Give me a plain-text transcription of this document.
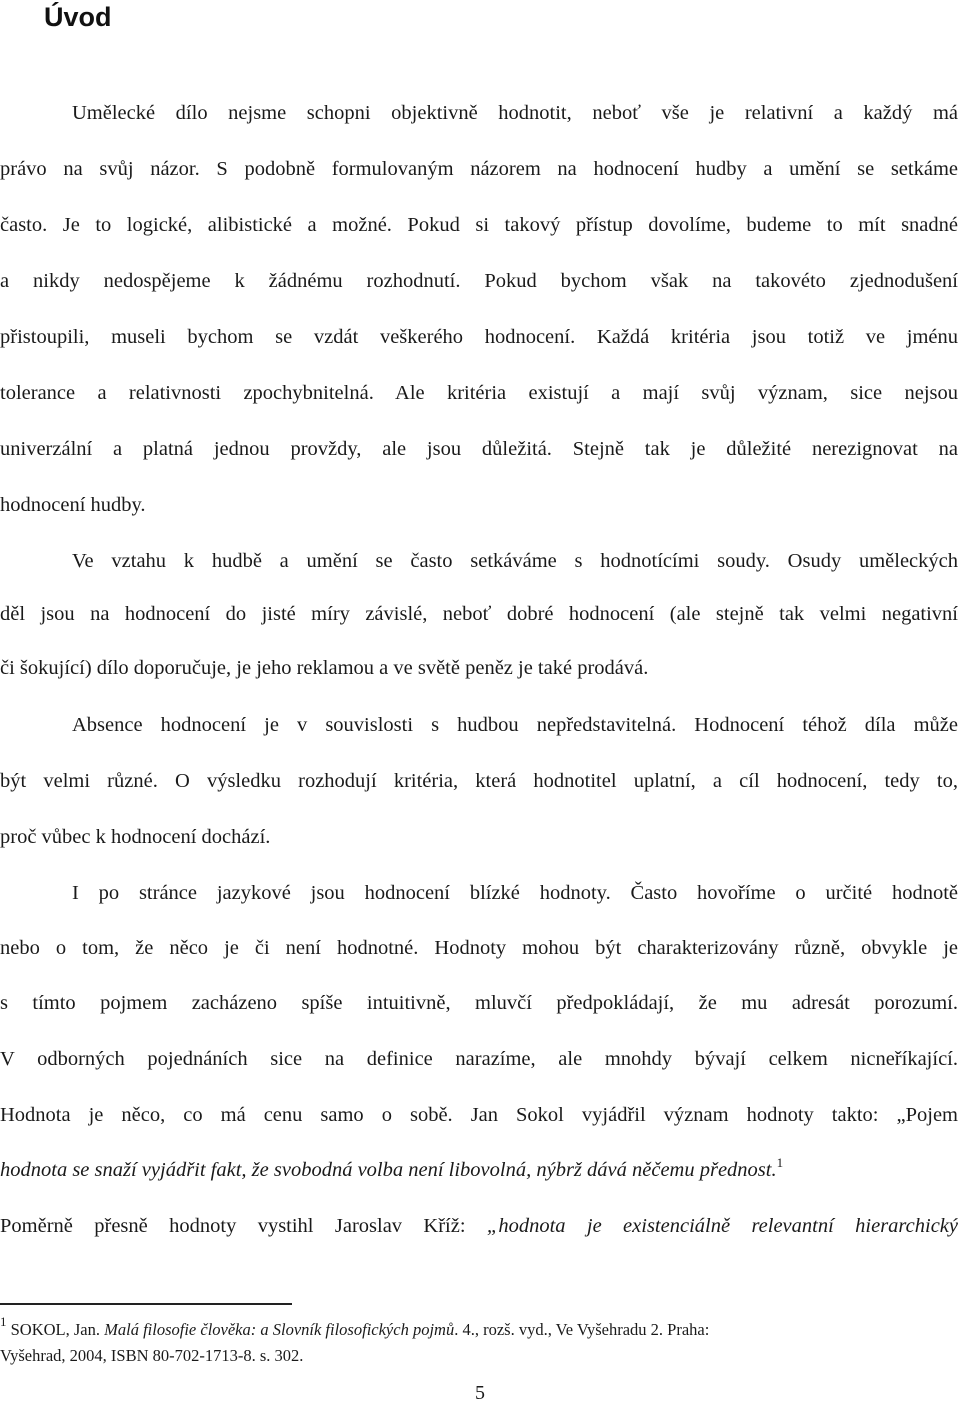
Úvod
Umělecké dílo nejsme schopni objektivně hodnotit, neboť vše je relativní a každý má
právo na svůj názor. S podobně formulovaným názorem na hodnocení hudby a umění se setkáme
často. Je to logické, alibistické a možné. Pokud si takový přístup dovolíme, budeme to mít snadné
a nikdy nedospějeme k žádnému rozhodnutí. Pokud bychom však na takovéto zjednodušení
přistoupili, museli bychom se vzdát veškerého hodnocení. Každá kritéria jsou totiž ve jménu
tolerance a relativnosti zpochybnitelná. Ale kritéria existují a mají svůj význam, sice nejsou
univerzální a platná jednou provždy, ale jsou důležitá. Stejně tak je důležité nerezignovat na
hodnocení hudby.
Ve vztahu k hudbě a umění se často setkáváme s hodnotícími soudy. Osudy uměleckých
děl jsou na hodnocení do jisté míry závislé, neboť dobré hodnocení (ale stejně tak velmi negativní
či šokující) dílo doporučuje, je jeho reklamou a ve světě peněz je také prodává.
Absence hodnocení je v souvislosti s hudbou nepředstavitelná. Hodnocení téhož díla může
být velmi různé. O výsledku rozhodují kritéria, která hodnotitel uplatní, a cíl hodnocení, tedy to,
proč vůbec k hodnocení dochází.
I po stránce jazykové jsou hodnocení blízké hodnoty. Často hovoříme o určité hodnotě
nebo o tom, že něco je či není hodnotné. Hodnoty mohou být charakterizovány různě, obvykle je
s tímto pojmem zacházeno spíše intuitivně, mluvčí předpokládají, že mu adresát porozumí.
V odborných pojednáních sice na definice narazíme, ale mnohdy bývají celkem nicneříkající.
Hodnota je něco, co má cenu samo o sobě. Jan Sokol vyjádřil význam hodnoty takto: „Pojem
hodnota se snaží vyjádřit fakt, že svobodná volba není libovolná, nýbrž dává něčemu přednost.$^1$
Poměrně přesně hodnoty vystihl Jaroslav Kříž: „hodnota je existenciálně relevantní hierarchický
$^1$ SOKOL, Jan. Malá filosofie člověka: a Slovník filosofických pojmů. 4., rozš. vyd., Ve Vyšehradu 2. Praha:
Vyšehrad, 2004, ISBN 80-702-1713-8. s. 302.
5
